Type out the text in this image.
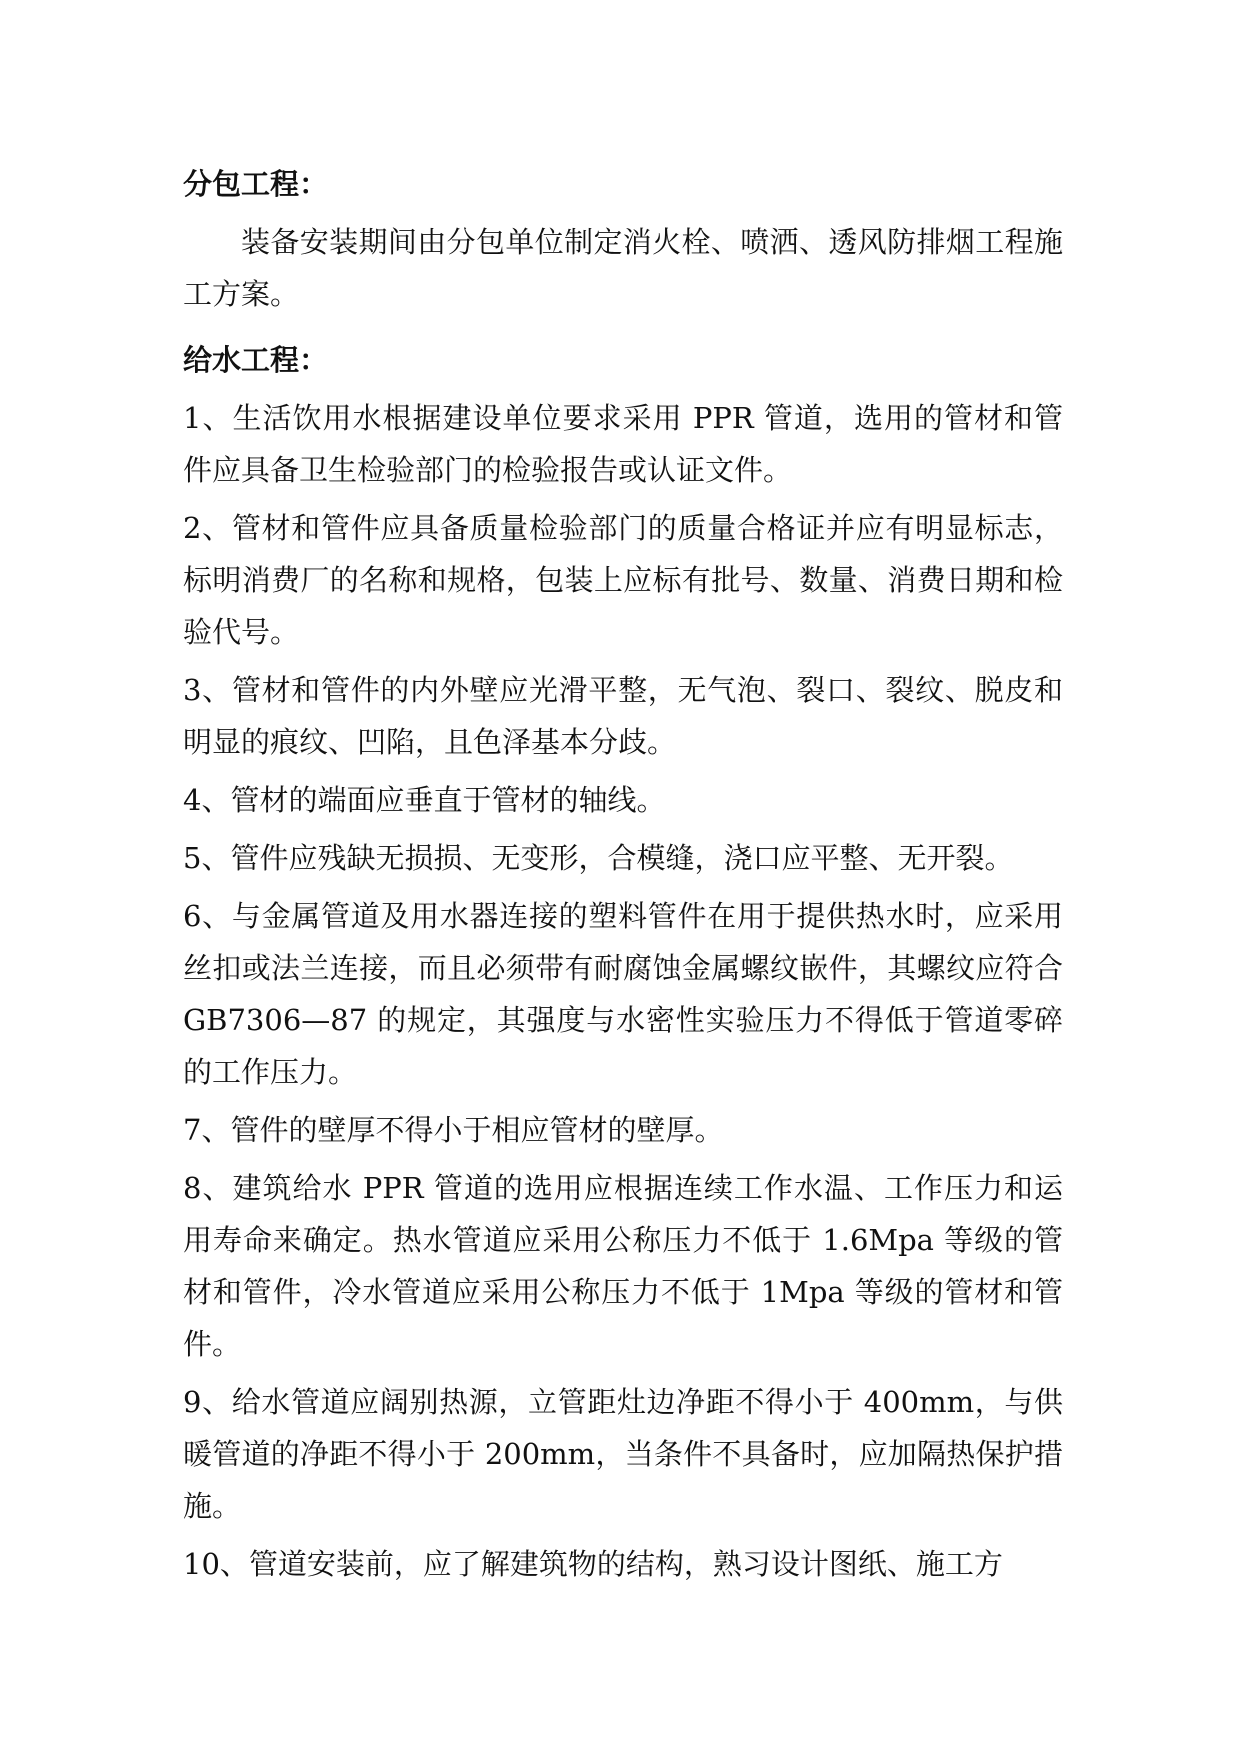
分包工程：
装备安装期间由分包单位制定消火栓、喷洒、透风防排烟工程施工方案。
给水工程：
1、生活饮用水根据建设单位要求采用 PPR 管道，选用的管材和管件应具备卫生检验部门的检验报告或认证文件。
2、管材和管件应具备质量检验部门的质量合格证并应有明显标志，标明消费厂的名称和规格，包装上应标有批号、数量、消费日期和检验代号。
3、管材和管件的内外壁应光滑平整，无气泡、裂口、裂纹、脱皮和明显的痕纹、凹陷，且色泽基本分歧。
4、管材的端面应垂直于管材的轴线。
5、管件应残缺无损损、无变形，合模缝，浇口应平整、无开裂。
6、与金属管道及用水器连接的塑料管件在用于提供热水时，应采用丝扣或法兰连接，而且必须带有耐腐蚀金属螺纹嵌件，其螺纹应符合 GB7306—87 的规定，其强度与水密性实验压力不得低于管道零碎的工作压力。
7、管件的壁厚不得小于相应管材的壁厚。
8、建筑给水 PPR 管道的选用应根据连续工作水温、工作压力和运用寿命来确定。热水管道应采用公称压力不低于 1.6Mpa 等级的管材和管件，冷水管道应采用公称压力不低于 1Mpa 等级的管材和管件。
9、给水管道应阔别热源，立管距灶边净距不得小于 400mm，与供暖管道的净距不得小于 200mm，当条件不具备时，应加隔热保护措施。
10、管道安装前，应了解建筑物的结构，熟习设计图纸、施工方
